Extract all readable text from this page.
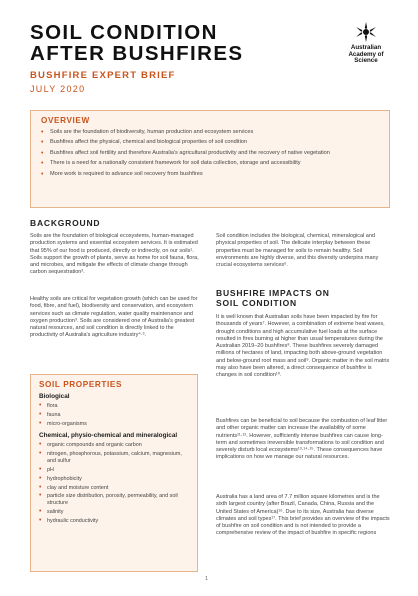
SOIL CONDITION
AFTER BUSHFIRES	Australian
Academy of
Science
BUSHFIRE EXPERT BRIEF
JULY 2020
OVERVIEW
• Soils are the foundation of biodiversity, human production and ecosystem services
• Bushfires affect the physical, chemical and biological properties of soil condition
• Bushfires affect soil fertility and therefore Australia's agricultural productivity and the recovery of native vegetation
• There is a need for a nationally consistent framework for soil data collection, storage and accessibility
• More work is required to advance soil recovery from bushfires
BACKGROUND

Soils are the foundation of biological ecosystems, human-managed production systems and essential ecosystem services. It is estimated that 95% of our food is produced, directly or indirectly, on our soils¹. Soils support the growth of plants, serve as home for soil fauna, flora, and microbes, and mitigate the effects of climate change through carbon sequestration².

Healthy soils are critical for vegetation growth (which can be used for food, fibre, and fuel), biodiversity and conservation, and ecosystem services such as climate regulation, water quality maintenance and oxygen production³. Soils are considered one of Australia's greatest natural resources, and soil condition is directly linked to the productivity of Australia's agriculture industry⁴·⁵.

SOIL PROPERTIES
Biological
• flora
• fauna
• micro-organisms
Chemical, physio-chemical and mineralogical
• organic compounds and organic carbon
• nitrogen, phosphorous, potassium, calcium, magnesium, and sulfur
• pH
• hydrophobicity
• clay and moisture content
• particle size distribution, porosity, permeability, and soil structure
• salinity
• hydraulic conductivity

Soil condition includes the biological, chemical, mineralogical and physical properties of soil. The delicate interplay between these properties must be managed for soils to remain healthy. Soil environments are highly diverse, and this diversity underpins many crucial ecosystems services⁶.

BUSHFIRE IMPACTS ON
SOIL CONDITION

It is well known that Australian soils have been impacted by fire for thousands of years⁷. However, a combination of extreme heat waves, drought conditions and high accumulative fuel loads at the surface resulted in fires burning at higher than usual temperatures during the Australian 2019–20 bushfires⁸. These bushfires severely damaged millions of hectares of land, impacting both above-ground vegetation and below-ground root mass and soil⁹. Organic matter in the soil matrix may also have been altered, a direct consequence of bushfire is changes in soil condition¹⁰.

Bushfires can be beneficial to soil because the combustion of leaf litter and other organic matter can increase the availability of some nutrients¹¹·¹². However, sufficiently intense bushfires can cause long-term and sometimes irreversible transformations to soil condition and severely disturb local ecosystems¹³·¹⁴·¹⁵. These consequences have implications on how we manage our natural resources.

Australia has a land area of 7.7 million square kilometres and is the sixth largest country (after Brazil, Canada, China, Russia and the United States of America)¹⁶. Due to its size, Australia has diverse climates and soil types¹⁷. This brief provides an overview of the impacts of bushfire on soil condition and is not intended to provide a comprehensive review of the impact of bushfire in specific regions

1
